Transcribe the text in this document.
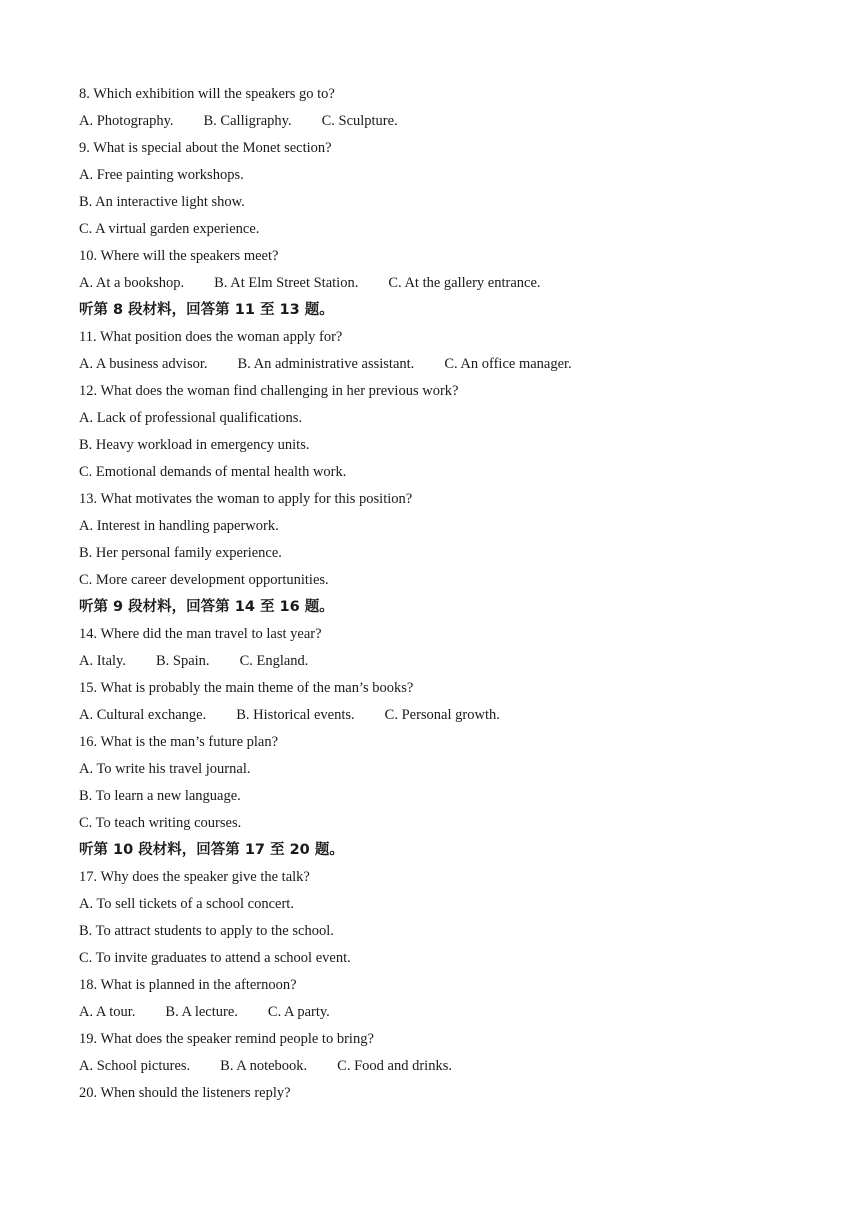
8. Which exhibition will the speakers go to?
A. Photography. B. Calligraphy. C. Sculpture.
9. What is special about the Monet section?
A. Free painting workshops.
B. An interactive light show.
C. A virtual garden experience.
10. Where will the speakers meet?
A. At a bookshop. B. At Elm Street Station. C. At the gallery entrance.
听第 8 段材料，回答第 11 至 13 题。
11. What position does the woman apply for?
A. A business advisor. B. An administrative assistant. C. An office manager.
12. What does the woman find challenging in her previous work?
A. Lack of professional qualifications.
B. Heavy workload in emergency units.
C. Emotional demands of mental health work.
13. What motivates the woman to apply for this position?
A. Interest in handling paperwork.
B. Her personal family experience.
C. More career development opportunities.
听第 9 段材料，回答第 14 至 16 题。
14. Where did the man travel to last year?
A. Italy. B. Spain. C. England.
15. What is probably the main theme of the man’s books?
A. Cultural exchange. B. Historical events. C. Personal growth.
16. What is the man’s future plan?
A. To write his travel journal.
B. To learn a new language.
C. To teach writing courses.
听第 10 段材料，回答第 17 至 20 题。
17. Why does the speaker give the talk?
A. To sell tickets of a school concert.
B. To attract students to apply to the school.
C. To invite graduates to attend a school event.
18. What is planned in the afternoon?
A. A tour. B. A lecture. C. A party.
19. What does the speaker remind people to bring?
A. School pictures. B. A notebook. C. Food and drinks.
20. When should the listeners reply?
